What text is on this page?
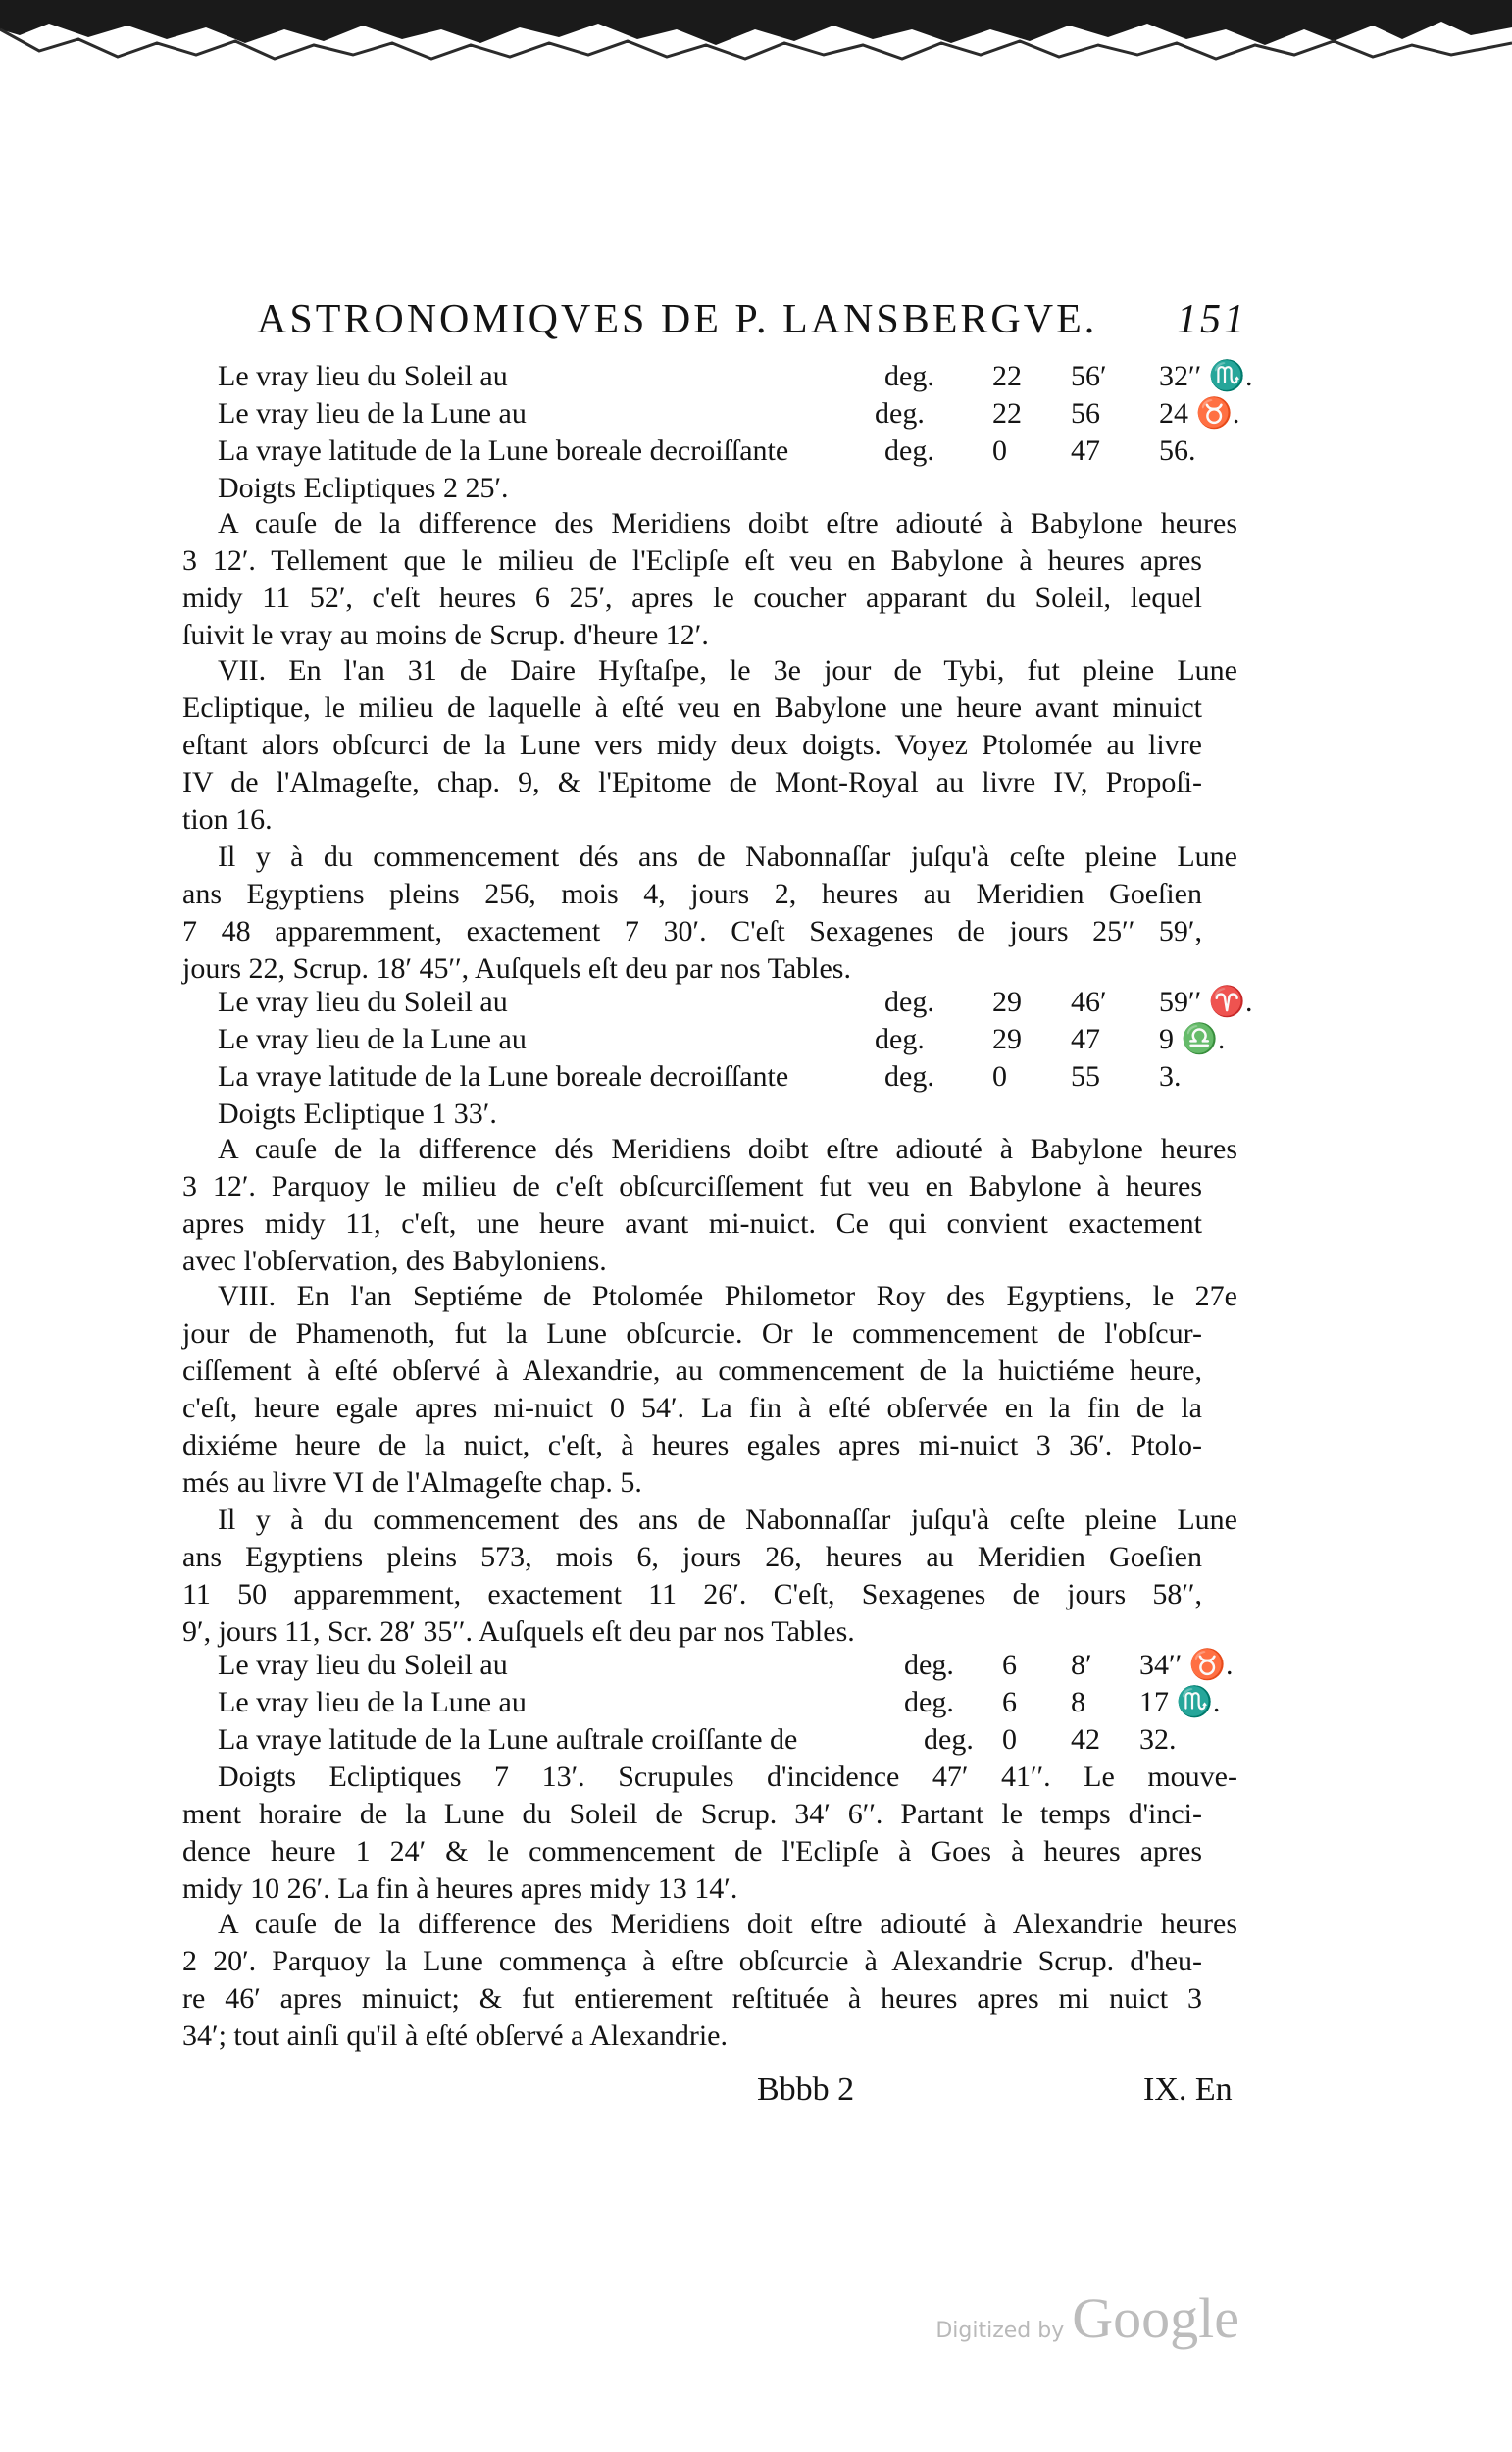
ASTRONOMIQVES DE P. LANSBERGVE. 151
Le vray lieu du Soleil au	deg. 22 56′ 32′′ ♏.
Le vray lieu de la Lune au	deg. 22 56 24 ♉.
La vraye latitude de la Lune boreale decroiſſante	deg. 0 47 56.
Doigts Ecliptiques 2 25′.
A cauſe de la difference des Meridiens doibt eſtre adiouté à Babylone heures
3 12′. Tellement que le milieu de l'Eclipſe eſt veu en Babylone à heures apres
midy 11 52′, c'eſt heures 6 25′, apres le coucher apparant du Soleil, lequel
ſuivit le vray au moins de Scrup. d'heure 12′.
VII. En l'an 31 de Daire Hyſtaſpe, le 3e jour de Tybi, fut pleine Lune
Ecliptique, le milieu de laquelle à eſté veu en Babylone une heure avant minuict
eſtant alors obſcurci de la Lune vers midy deux doigts. Voyez Ptolomée au livre
IV de l'Almageſte, chap. 9, & l'Epitome de Mont-Royal au livre IV, Propoſi-
tion 16.
Il y à du commencement dés ans de Nabonnaſſar juſqu'à ceſte pleine Lune
ans Egyptiens pleins 256, mois 4, jours 2, heures au Meridien Goeſien
7 48 apparemment, exactement 7 30′. C'eſt Sexagenes de jours 25′′ 59′,
jours 22, Scrup. 18′ 45′′, Auſquels eſt deu par nos Tables.
Le vray lieu du Soleil au	deg. 29 46′ 59′′ ♈.
Le vray lieu de la Lune au	deg. 29 47 9 ♎.
La vraye latitude de la Lune boreale decroiſſante	deg. 0 55 3.
Doigts Ecliptique 1 33′.
A cauſe de la difference dés Meridiens doibt eſtre adiouté à Babylone heures
3 12′. Parquoy le milieu de c'eſt obſcurciſſement fut veu en Babylone à heures
apres midy 11, c'eſt, une heure avant mi-nuict. Ce qui convient exactement
avec l'obſervation, des Babyloniens.
VIII. En l'an Septiéme de Ptolomée Philometor Roy des Egyptiens, le 27e
jour de Phamenoth, fut la Lune obſcurcie. Or le commencement de l'obſcur-
ciſſement à eſté obſervé à Alexandrie, au commencement de la huictiéme heure,
c'eſt, heure egale apres mi-nuict 0 54′. La fin à eſté obſervée en la fin de la
dixiéme heure de la nuict, c'eſt, à heures egales apres mi-nuict 3 36′. Ptolo-
més au livre VI de l'Almageſte chap. 5.
Il y à du commencement des ans de Nabonnaſſar juſqu'à ceſte pleine Lune
ans Egyptiens pleins 573, mois 6, jours 26, heures au Meridien Goeſien
11 50 apparemment, exactement 11 26′. C'eſt, Sexagenes de jours 58′′,
9′, jours 11, Scr. 28′ 35′′. Auſquels eſt deu par nos Tables.
Le vray lieu du Soleil au	deg. 6 8′ 34′′ ♉.
Le vray lieu de la Lune au	deg. 6 8 17 ♏.
La vraye latitude de la Lune auſtrale croiſſante de	deg. 0 42 32.
Doigts Ecliptiques 7 13′. Scrupules d'incidence 47′ 41′′. Le mouve-
ment horaire de la Lune du Soleil de Scrup. 34′ 6′′. Partant le temps d'inci-
dence heure 1 24′ & le commencement de l'Eclipſe à Goes à heures apres
midy 10 26′. La fin à heures apres midy 13 14′.
A cauſe de la difference des Meridiens doit eſtre adiouté à Alexandrie heures
2 20′. Parquoy la Lune commença à eſtre obſcurcie à Alexandrie Scrup. d'heu-
re 46′ apres minuict; & fut entierement reſtituée à heures apres mi nuict 3
34′; tout ainſi qu'il à eſté obſervé a Alexandrie.
Bbbb 2	IX. En
Digitized by Google
